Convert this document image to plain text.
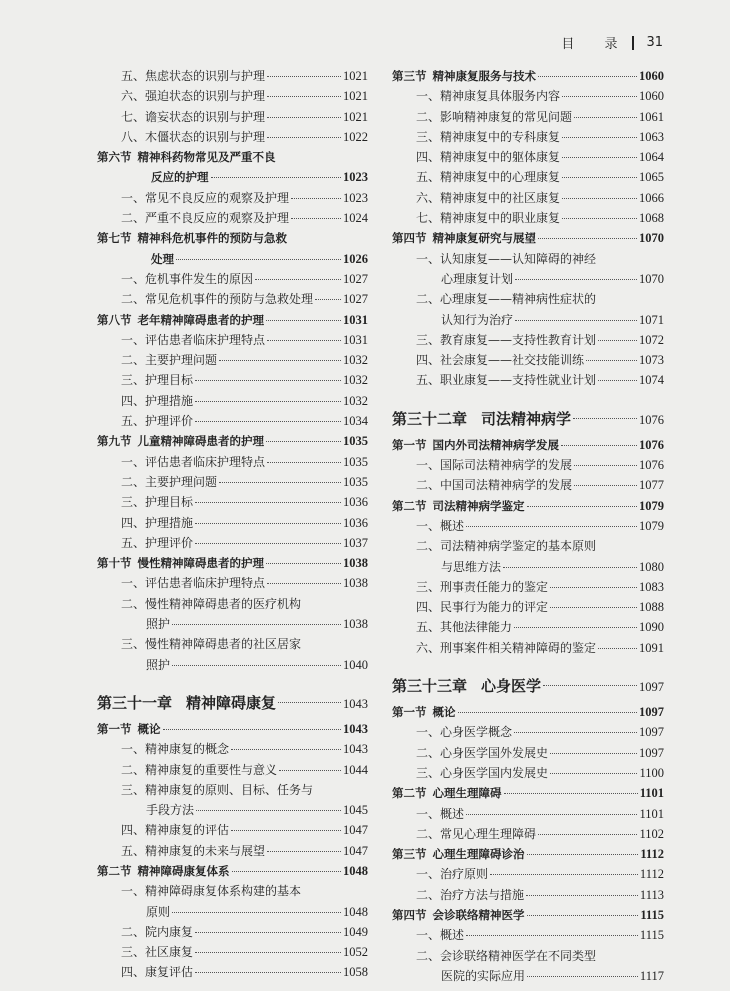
目 录 31
五、焦虑状态的识别与护理	1021
六、强迫状态的识别与护理	1021
七、谵妄状态的识别与护理	1021
八、木僵状态的识别与护理	1022
第六节 精神科药物常见及严重不良
反应的护理	1023
一、常见不良反应的观察及护理	1023
二、严重不良反应的观察及护理	1024
第七节 精神科危机事件的预防与急救
处理	1026
一、危机事件发生的原因	1027
二、常见危机事件的预防与急救处理 1027
第八节 老年精神障碍患者的护理	1031
一、评估患者临床护理特点	1031
二、主要护理问题	1032
三、护理目标	1032
四、护理措施	1032
五、护理评价	1034
第九节 儿童精神障碍患者的护理	1035
一、评估患者临床护理特点	1035
二、主要护理问题	1035
三、护理目标	1036
四、护理措施	1036
五、护理评价	1037
第十节 慢性精神障碍患者的护理	1038
一、评估患者临床护理特点	1038
二、慢性精神障碍患者的医疗机构
照护	1038
三、慢性精神障碍患者的社区居家
照护	1040
第三十一章 精神障碍康复	1043
第一节 概论	1043
一、精神康复的概念	1043
二、精神康复的重要性与意义	1044
三、精神康复的原则、目标、任务与
手段方法	1045
四、精神康复的评估	1047
五、精神康复的未来与展望	1047
第二节 精神障碍康复体系	1048
一、精神障碍康复体系构建的基本
原则	1048
二、院内康复	1049
三、社区康复	1052
四、康复评估	1058
第三节 精神康复服务与技术	1060
一、精神康复具体服务内容	1060
二、影响精神康复的常见问题	1061
三、精神康复中的专科康复	1063
四、精神康复中的躯体康复	1064
五、精神康复中的心理康复	1065
六、精神康复中的社区康复	1066
七、精神康复中的职业康复	1068
第四节 精神康复研究与展望	1070
一、认知康复——认知障碍的神经
心理康复计划	1070
二、心理康复——精神病性症状的
认知行为治疗	1071
三、教育康复——支持性教育计划	1072
四、社会康复——社交技能训练	1073
五、职业康复——支持性就业计划	1074
第三十二章 司法精神病学	1076
第一节 国内外司法精神病学发展	1076
一、国际司法精神病学的发展	1076
二、中国司法精神病学的发展	1077
第二节 司法精神病学鉴定	1079
一、概述	1079
二、司法精神病学鉴定的基本原则
与思维方法	1080
三、刑事责任能力的鉴定	1083
四、民事行为能力的评定	1088
五、其他法律能力	1090
六、刑事案件相关精神障碍的鉴定	1091
第三十三章 心身医学	1097
第一节 概论	1097
一、心身医学概念	1097
二、心身医学国外发展史	1097
三、心身医学国内发展史	1100
第二节 心理生理障碍	1101
一、概述	1101
二、常见心理生理障碍	1102
第三节 心理生理障碍诊治	1112
一、治疗原则	1112
二、治疗方法与措施	1113
第四节 会诊联络精神医学	1115
一、概述	1115
二、会诊联络精神医学在不同类型
医院的实际应用	1117
